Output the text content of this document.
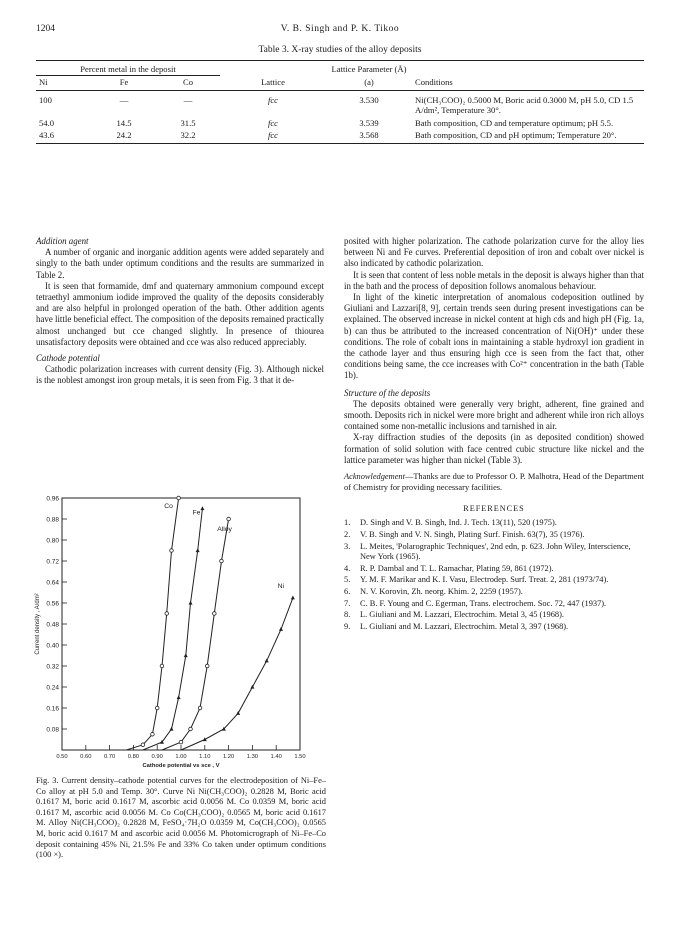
1204	V. B. Singh and P. K. Tikoo
Table 3. X-ray studies of the alloy deposits
Percent metal in the deposit				Lattice Parameter (Å)	
Ni	Fe	Co	Lattice	(a)	Conditions
100	—	—	fcc	3.530	Ni(CH₃COO)₂ 0.5000 M, Boric acid 0.3000 M, pH 5.0, CD 1.5 A/dm², Temperature 30°.
54.0	14.5	31.5	fcc	3.539	Bath composition, CD and temperature optimum; pH 5.5.
43.6	24.2	32.2	fcc	3.568	Bath composition, CD and pH optimum; Temperature 20°.
Addition agent

A number of organic and inorganic addition agents were added separately and singly to the bath under optimum conditions and the results are summarized in Table 2.

It is seen that formamide, dmf and quaternary ammonium compound except tetraethyl ammonium iodide improved the quality of the deposits considerably and are also helpful in prolonged operation of the bath. Other addition agents have little beneficial effect. The composition of the deposits remained practically almost unchanged but cce changed slightly. In presence of thiourea unsatisfactory deposits were obtained and cce was also reduced appreciably.

Cathode potential

Cathodic polarization increases with current density (Fig. 3). Although nickel is the noblest amongst iron group metals, it is seen from Fig. 3 that it de-

0.08
0.16
0.24
0.32
0.40
0.48
0.56
0.64
0.72
0.80
0.88
0.96
0.50 0.60 0.70 0.80 0.90 1.00 1.10 1.20 1.30 1.40 1.50
Cathode potential vs sce , V
Current density , A/dm²
Co
Fe
Alloy
Ni
Fig. 3. Current density–cathode potential curves for the electrodeposition of Ni–Fe–Co alloy at pH 5.0 and Temp. 30°. Curve Ni Ni(CH₃COO)₂ 0.2828 M, Boric acid 0.1617 M, boric acid 0.1617 M, ascorbic acid 0.0056 M. Co 0.0359 M, boric acid 0.1617 M, ascorbic acid 0.0056 M. Co Co(CH₃COO)₂ 0.0565 M, boric acid 0.1617 M. Alloy Ni(CH₃COO)₂ 0.2828 M, FeSO₄·7H₂O 0.0359 M, Co(CH₃COO)₂ 0.0565 M, boric acid 0.1617 M and ascorbic acid 0.0056 M. Photomicrograph of Ni–Fe–Co deposit containing 45% Ni, 21.5% Fe and 33% Co taken under optimum conditions (100 ×).

posited with higher polarization. The cathode polarization curve for the alloy lies between Ni and Fe curves. Preferential deposition of iron and cobalt over nickel is also indicated by cathodic polarization.

It is seen that content of less noble metals in the deposit is always higher than that in the bath and the process of deposition follows anomalous behaviour.

In light of the kinetic interpretation of anomalous codeposition outlined by Giuliani and Lazzari[8, 9], certain trends seen during present investigations can be explained. The observed increase in nickel content at high cds and high pH (Fig. 1a, b) can thus be attributed to the increased concentration of Ni(OH)⁺ under these conditions. The role of cobalt ions in maintaining a stable hydroxyl ion gradient in the cathode layer and thus ensuring high cce is seen from the fact that, other conditions being same, the cce increases with Co²⁺ concentration in the bath (Table 1b).

Structure of the deposits

The deposits obtained were generally very bright, adherent, fine grained and smooth. Deposits rich in nickel were more bright and adherent while iron rich alloys contained some non-metallic inclusions and tarnished in air.

X-ray diffraction studies of the deposits (in as deposited condition) showed formation of solid solution with face centred cubic structure like nickel and the lattice parameter was higher than nickel (Table 3).

Acknowledgement—Thanks are due to Professor O. P. Malhotra, Head of the Department of Chemistry for providing necessary facilities.

REFERENCES
1. D. Singh and V. B. Singh, Ind. J. Tech. 13(11), 520 (1975).
2. V. B. Singh and V. N. Singh, Plating Surf. Finish. 63(7), 35 (1976).
3. L. Meites, 'Polarographic Techniques', 2nd edn, p. 623. John Wiley, Interscience, New York (1965).
4. R. P. Dambal and T. L. Ramachar, Plating 59, 861 (1972).
5. Y. M. F. Marikar and K. I. Vasu, Electrodep. Surf. Treat. 2, 281 (1973/74).
6. N. V. Korovin, Zh. neorg. Khim. 2, 2259 (1957).
7. C. B. F. Young and C. Egerman, Trans. electrochem. Soc. 72, 447 (1937).
8. L. Giuliani and M. Lazzari, Electrochim. Metal 3, 45 (1968).
9. L. Giuliani and M. Lazzari, Electrochim. Metal 3, 397 (1968).
